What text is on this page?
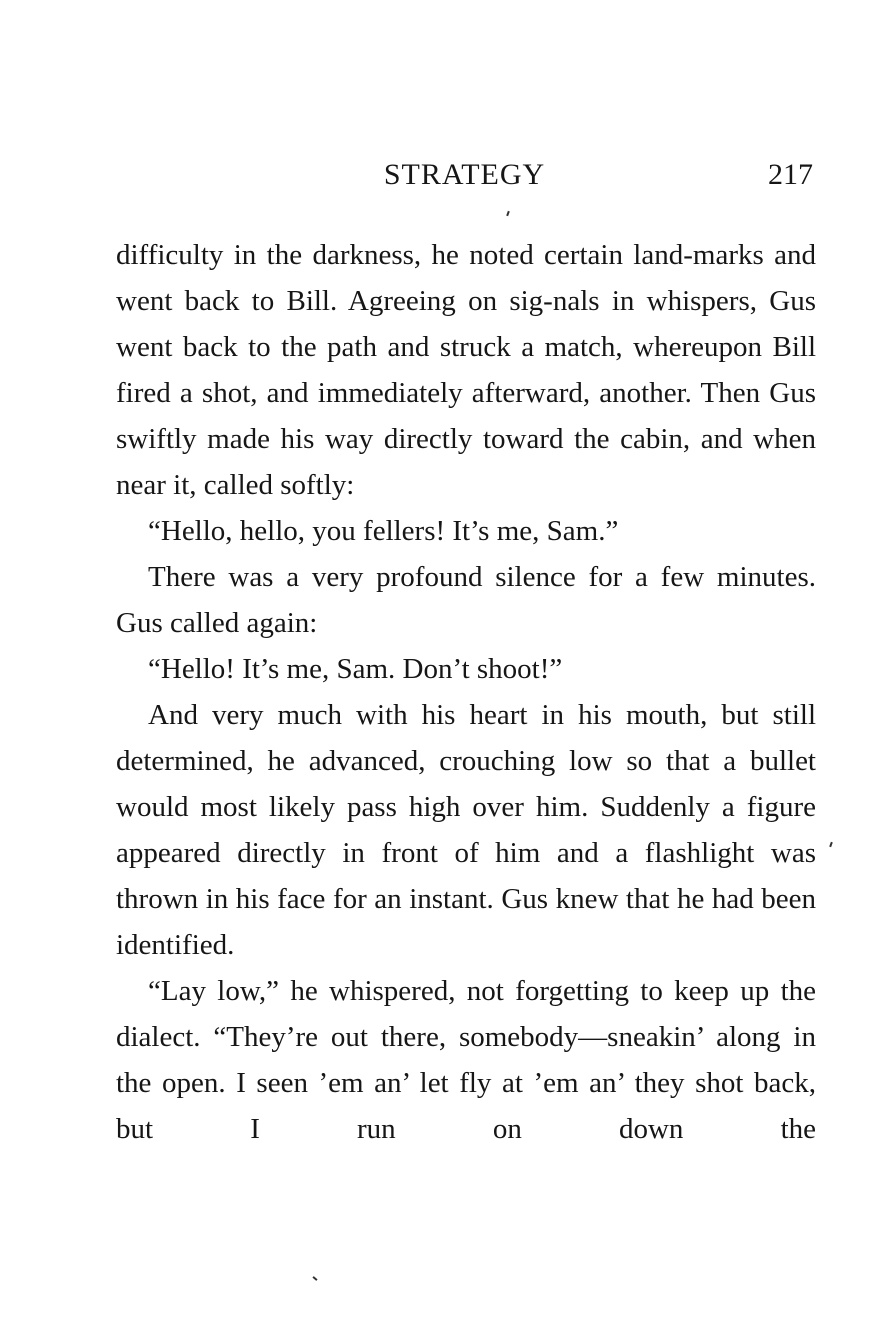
STRATEGY	217

difficulty in the darkness, he noted certain land-marks and went back to Bill. Agreeing on sig-nals in whispers, Gus went back to the path and struck a match, whereupon Bill fired a shot, and immediately afterward, another. Then Gus swiftly made his way directly toward the cabin, and when near it, called softly:

“Hello, hello, you fellers! It’s me, Sam.”

There was a very profound silence for a few minutes. Gus called again:

“Hello! It’s me, Sam. Don’t shoot!”

And very much with his heart in his mouth, but still determined, he advanced, crouching low so that a bullet would most likely pass high over him. Suddenly a figure appeared directly in front of him and a flashlight was thrown in his face for an instant. Gus knew that he had been identified.

“Lay low,” he whispered, not forgetting to keep up the dialect. “They’re out there, somebody—sneakin’ along in the open. I seen ’em an’ let fly at ’em an’ they shot back, but I run on down the
